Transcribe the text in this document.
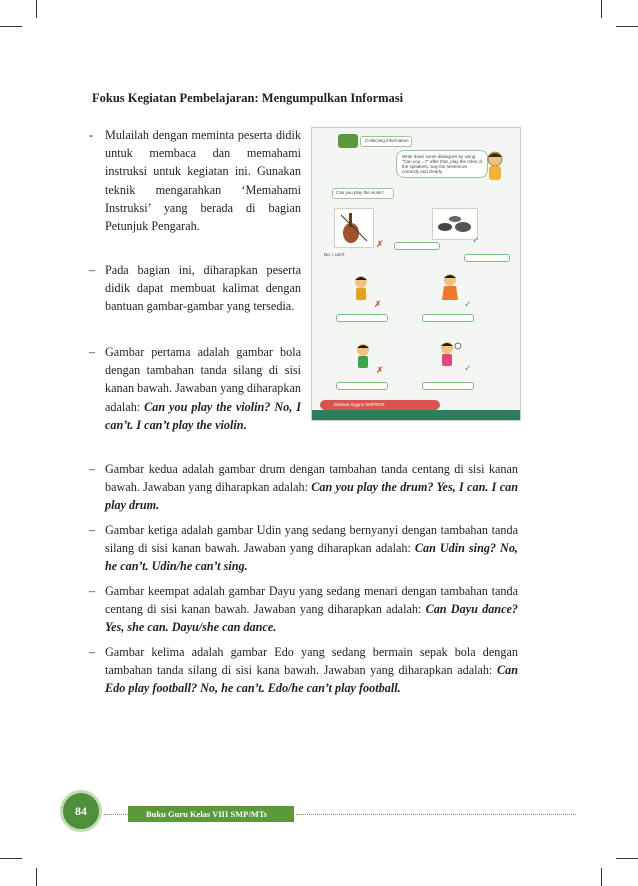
Fokus Kegiatan Pembelajaran: Mengumpulkan Informasi
- Mulailah dengan meminta peserta didik untuk membaca dan memahami instruksi untuk kegiatan ini. Gunakan teknik mengarahkan ‘Memahami Instruksi’ yang berada di bagian Petunjuk Pengarah.
– Pada bagian ini, diharapkan peserta didik dapat membuat kalimat dengan bantuan gambar-gambar yang tersedia.
– Gambar pertama adalah gambar bola dengan tambahan tanda silang di sisi kanan bawah. Jawaban yang diharapkan adalah: Can you play the violin? No, I can’t. I can’t play the violin.
– Gambar kedua adalah gambar drum dengan tambahan tanda centang di sisi kanan bawah. Jawaban yang diharapkan adalah: Can you play the drum? Yes, I can. I can play drum.
– Gambar ketiga adalah gambar Udin yang sedang bernyanyi dengan tambahan tanda silang di sisi kanan bawah. Jawaban yang diharapkan adalah: Can Udin sing? No, he can’t. Udin/he can’t sing.
– Gambar keempat adalah gambar Dayu yang sedang menari dengan tambahan tanda centang di sisi kanan bawah. Jawaban yang diharapkan adalah: Can Dayu dance? Yes, she can. Dayu/she can dance.
– Gambar kelima adalah gambar Edo yang sedang bermain sepak bola dengan tambahan tanda silang di sisi kana bawah. Jawaban yang diharapkan adalah: Can Edo play football? No, he can’t. Edo/he can’t play football.
Collecting Information
Write down some dialogues by using “Can you…?” after that, play the roles of the speakers. Say the sentences correctly and clearly.
Can you play the violin?
No, I can't.
✗	✓
✗	✓
✗	✓
Bahasa Inggris SMP/MTs
84	Buku Guru Kelas VIII SMP/MTs
